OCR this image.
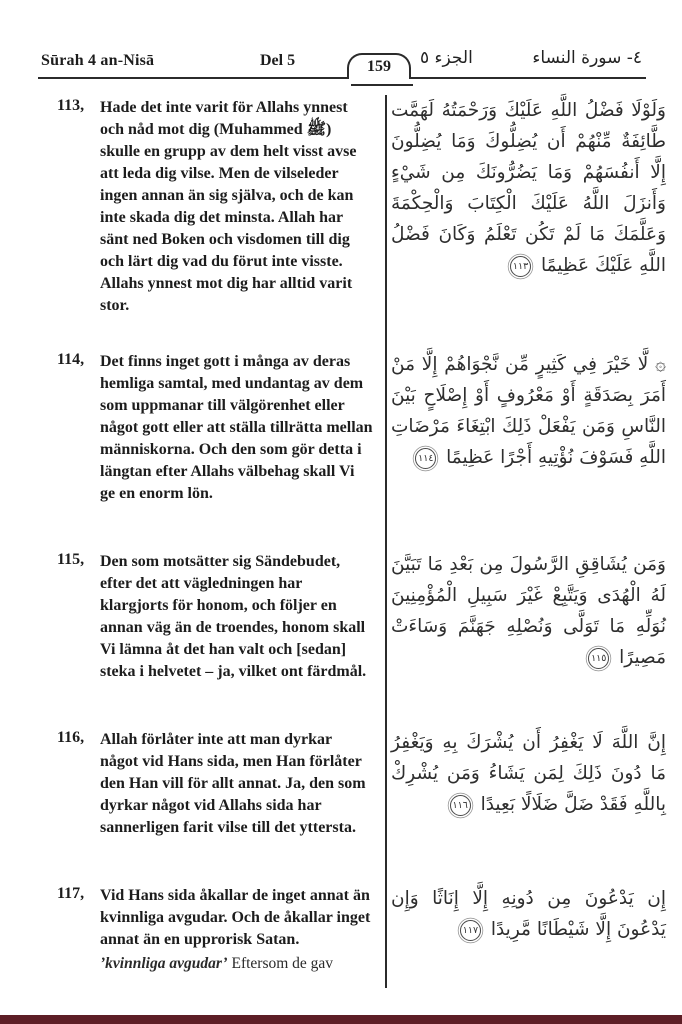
Sūrah 4 an-Nisā	Del 5	159	الجزء ٥	٤- سورة النساء
113, Hade det inte varit för Allahs ynnest och nåd mot dig (Muhammed ﷺ) skulle en grupp av dem helt visst avse att leda dig vilse. Men de vilseleder ingen annan än sig själva, och de kan inte skada dig det minsta. Allah har sänt ned Boken och visdomen till dig och lärt dig vad du förut inte visste. Allahs ynnest mot dig har alltid varit stor.
وَلَوْلَا فَضْلُ اللَّهِ عَلَيْكَ وَرَحْمَتُهُ لَهَمَّت طَّائِفَةٌ مِّنْهُمْ أَن يُضِلُّوكَ وَمَا يُضِلُّونَ إِلَّا أَنفُسَهُمْ وَمَا يَضُرُّونَكَ مِن شَيْءٍ وَأَنزَلَ اللَّهُ عَلَيْكَ الْكِتَابَ وَالْحِكْمَةَ وَعَلَّمَكَ مَا لَمْ تَكُن تَعْلَمُ وَكَانَ فَضْلُ اللَّهِ عَلَيْكَ عَظِيمًا ١١٣
114, Det finns inget gott i många av deras hemliga samtal, med undantag av dem som uppmanar till välgörenhet eller något gott eller att ställa tillrätta mellan människorna. Och den som gör detta i längtan efter Allahs välbehag skall Vi ge en enorm lön.
۞ لَّا خَيْرَ فِي كَثِيرٍ مِّن نَّجْوَاهُمْ إِلَّا مَنْ أَمَرَ بِصَدَقَةٍ أَوْ مَعْرُوفٍ أَوْ إِصْلَاحٍ بَيْنَ النَّاسِ وَمَن يَفْعَلْ ذَلِكَ ابْتِغَاءَ مَرْضَاتِ اللَّهِ فَسَوْفَ نُؤْتِيهِ أَجْرًا عَظِيمًا ١١٤
115, Den som motsätter sig Sändebudet, efter det att vägledningen har klargjorts för honom, och följer en annan väg än de troendes, honom skall Vi lämna åt det han valt och [sedan] steka i helvetet – ja, vilket ont färdmål.
وَمَن يُشَاقِقِ الرَّسُولَ مِن بَعْدِ مَا تَبَيَّنَ لَهُ الْهُدَى وَيَتَّبِعْ غَيْرَ سَبِيلِ الْمُؤْمِنِينَ نُوَلِّهِ مَا تَوَلَّى وَنُصْلِهِ جَهَنَّمَ وَسَاءَتْ مَصِيرًا ١١٥
116, Allah förlåter inte att man dyrkar något vid Hans sida, men Han förlåter den Han vill för allt annat. Ja, den som dyrkar något vid Allahs sida har sannerligen farit vilse till det yttersta.
إِنَّ اللَّهَ لَا يَغْفِرُ أَن يُشْرَكَ بِهِ وَيَغْفِرُ مَا دُونَ ذَلِكَ لِمَن يَشَاءُ وَمَن يُشْرِكْ بِاللَّهِ فَقَدْ ضَلَّ ضَلَالًا بَعِيدًا ١١٦
117, Vid Hans sida åkallar de inget annat än kvinnliga avgudar. Och de åkallar inget annat än en upprorisk Satan.
إِن يَدْعُونَ مِن دُونِهِ إِلَّا إِنَاثًا وَإِن يَدْعُونَ إِلَّا شَيْطَانًا مَّرِيدًا ١١٧
’kvinnliga avgudar’ Eftersom de gav
